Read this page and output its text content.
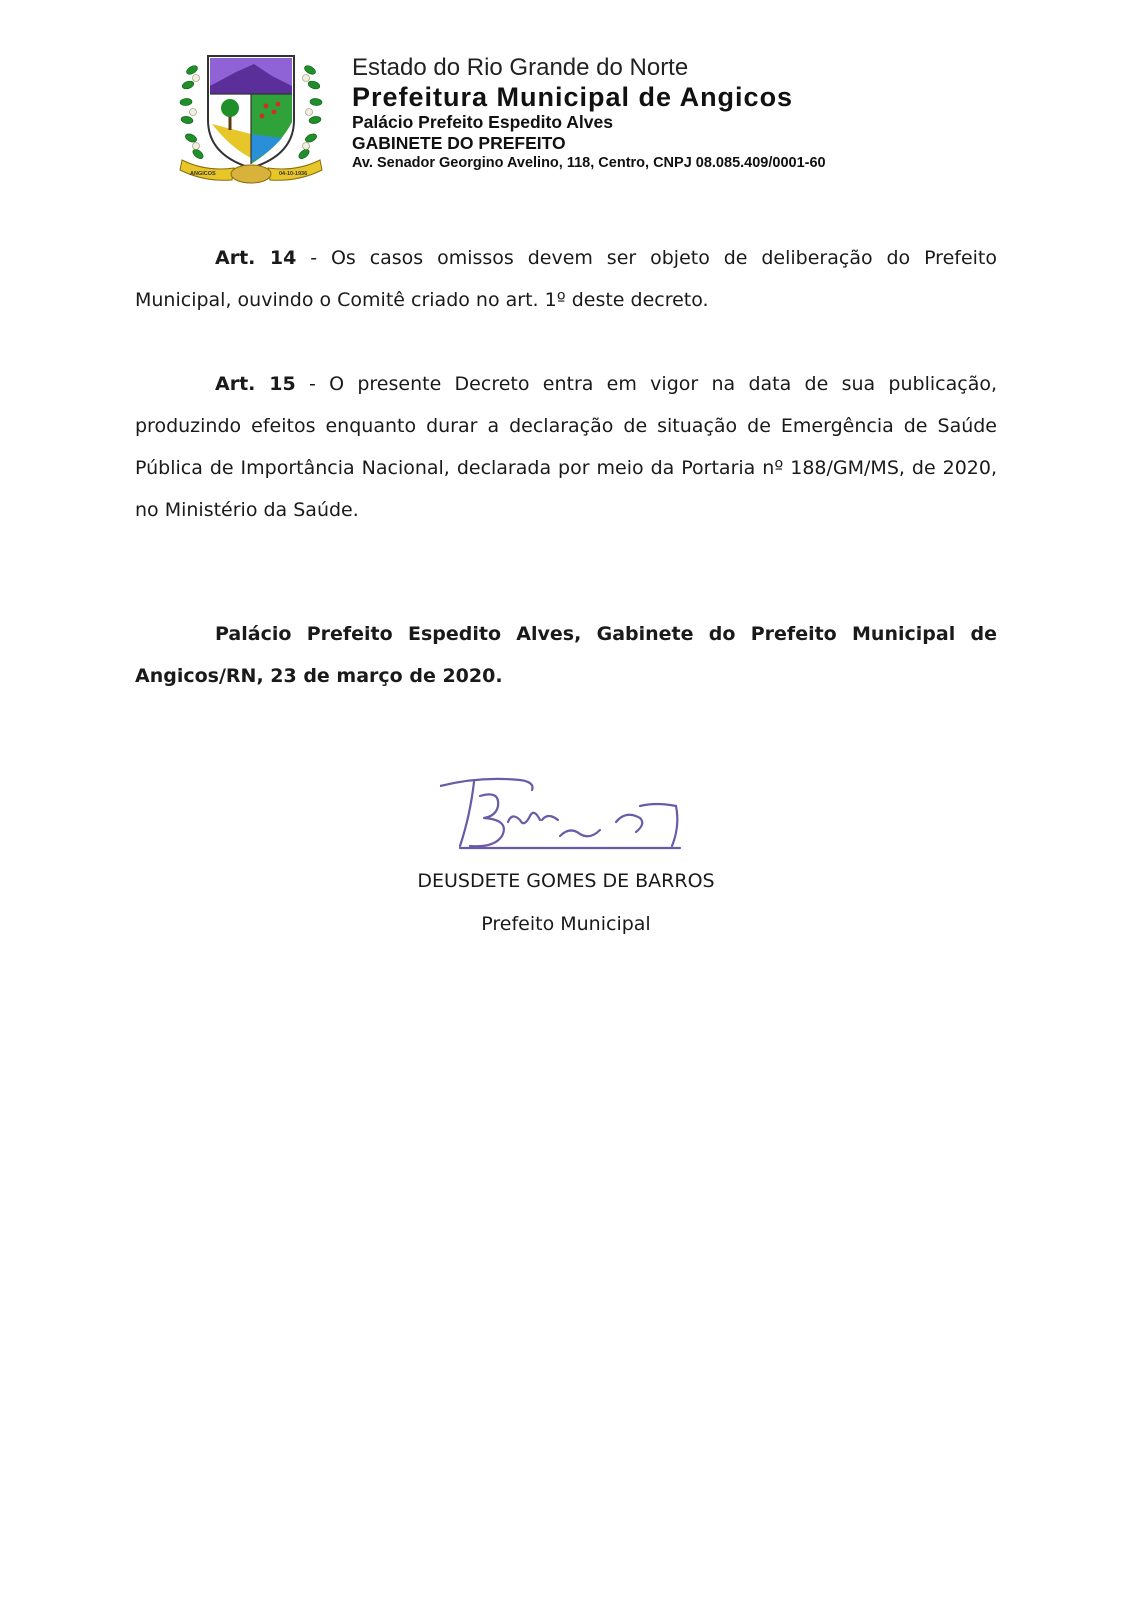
ANGICOS	04-10-1936
Estado do Rio Grande do Norte
Prefeitura Municipal de Angicos
Palácio Prefeito Espedito Alves
GABINETE DO PREFEITO
Av. Senador Georgino Avelino, 118, Centro, CNPJ 08.085.409/0001-60

Art. 14 - Os casos omissos devem ser objeto de deliberação do Prefeito Municipal, ouvindo o Comitê criado no art. 1º deste decreto.

Art. 15 - O presente Decreto entra em vigor na data de sua publicação, produzindo efeitos enquanto durar a declaração de situação de Emergência de Saúde Pública de Importância Nacional, declarada por meio da Portaria nº 188/GM/MS, de 2020, no Ministério da Saúde.

Palácio Prefeito Espedito Alves, Gabinete do Prefeito Municipal de Angicos/RN, 23 de março de 2020.

DEUSDETE GOMES DE BARROS
Prefeito Municipal
